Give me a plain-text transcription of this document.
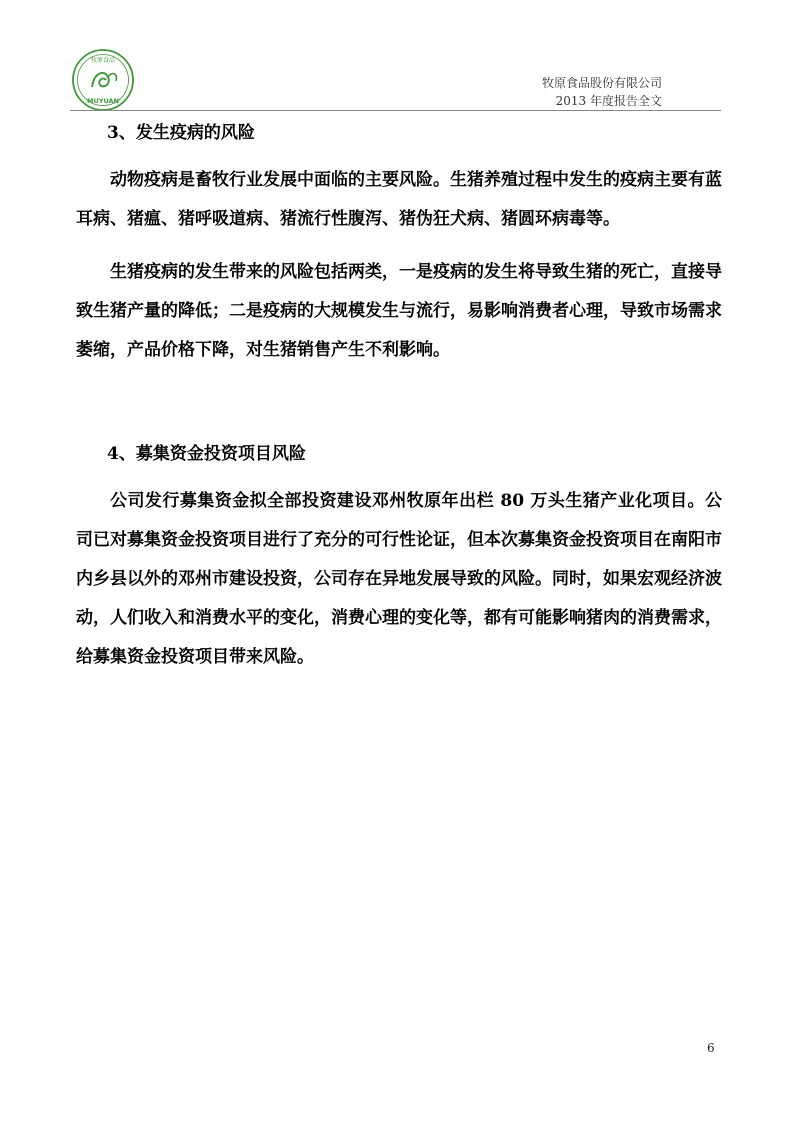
牧原食品
MUYUAN
牧原食品股份有限公司
2013 年度报告全文
3、发生疫病的风险

动物疫病是畜牧行业发展中面临的主要风险。生猪养殖过程中发生的疫病主要有蓝耳病、猪瘟、猪呼吸道病、猪流行性腹泻、猪伪狂犬病、猪圆环病毒等。

生猪疫病的发生带来的风险包括两类，一是疫病的发生将导致生猪的死亡，直接导致生猪产量的降低；二是疫病的大规模发生与流行，易影响消费者心理，导致市场需求萎缩，产品价格下降，对生猪销售产生不利影响。

4、募集资金投资项目风险

公司发行募集资金拟全部投资建设邓州牧原年出栏 80 万头生猪产业化项目。公司已对募集资金投资项目进行了充分的可行性论证，但本次募集资金投资项目在南阳市内乡县以外的邓州市建设投资，公司存在异地发展导致的风险。同时，如果宏观经济波动，人们收入和消费水平的变化，消费心理的变化等，都有可能影响猪肉的消费需求，给募集资金投资项目带来风险。

6
